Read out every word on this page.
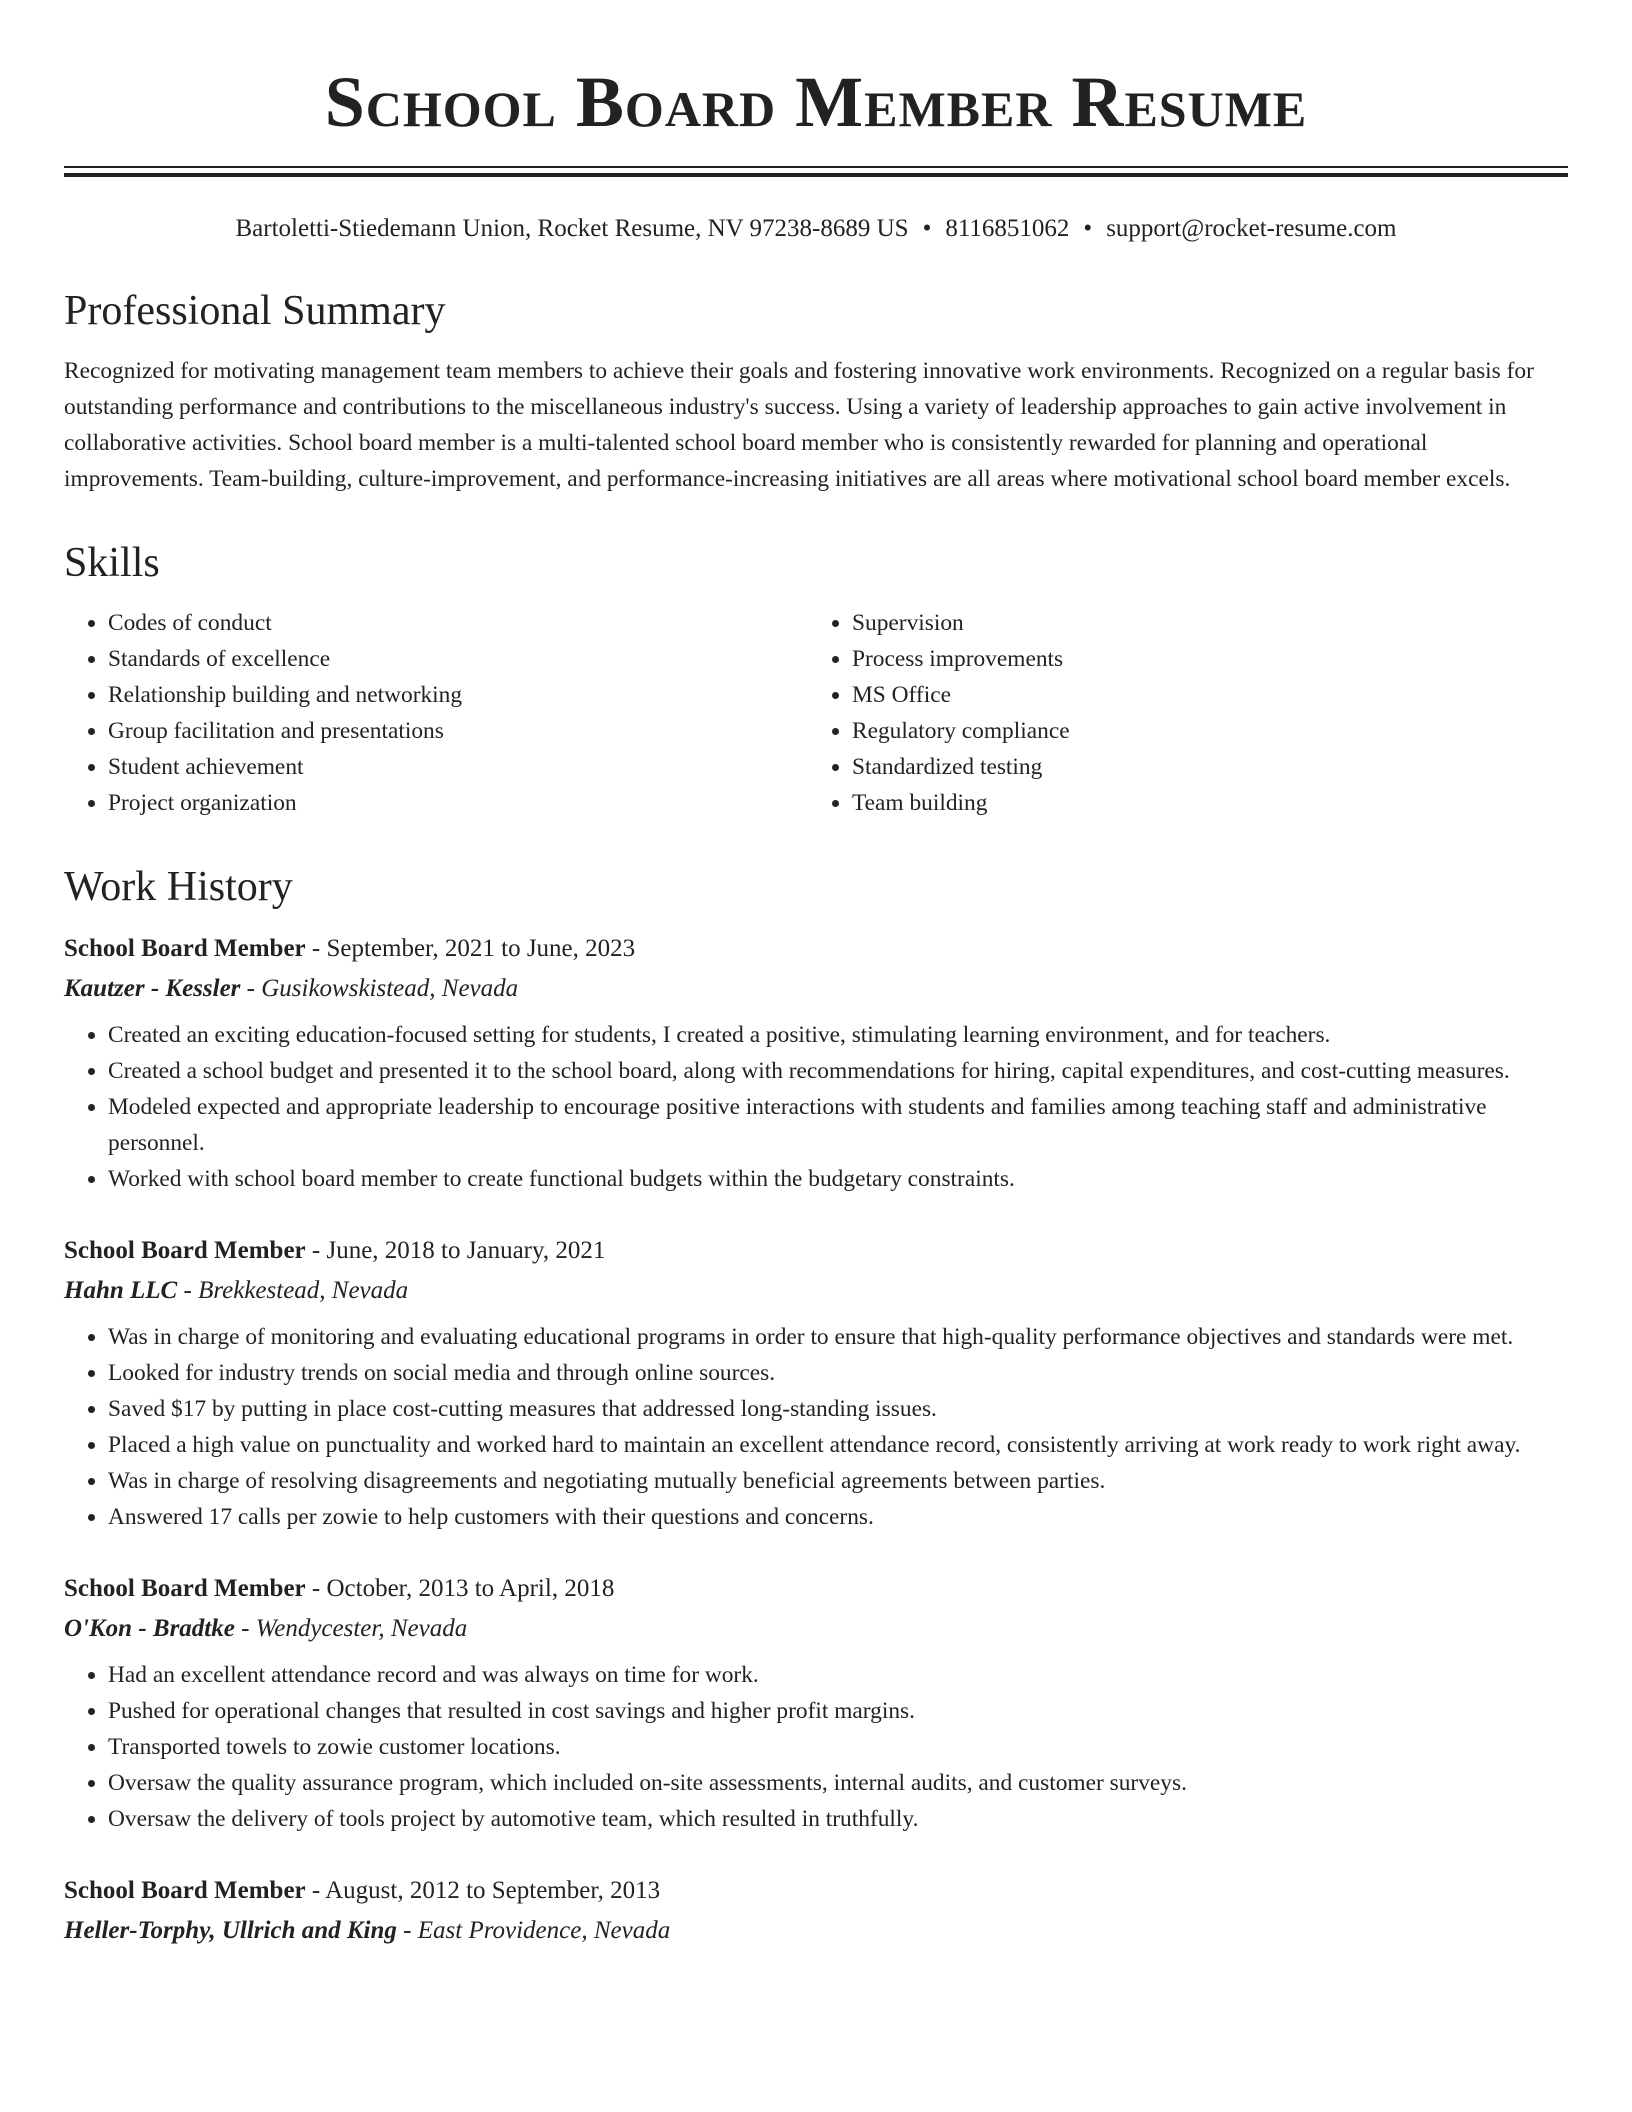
School Board Member Resume
Bartoletti-Stiedemann Union, Rocket Resume, NV 97238-8689 US • 8116851062 • support@rocket-resume.com
Professional Summary

Recognized for motivating management team members to achieve their goals and fostering innovative work environments. Recognized on a regular basis for outstanding performance and contributions to the miscellaneous industry's success. Using a variety of leadership approaches to gain active involvement in collaborative activities. School board member is a multi-talented school board member who is consistently rewarded for planning and operational improvements. Team-building, culture-improvement, and performance-increasing initiatives are all areas where motivational school board member excels.

Skills
• Codes of conduct
• Standards of excellence
• Relationship building and networking
• Group facilitation and presentations
• Student achievement
• Project organization
• Supervision
• Process improvements
• MS Office
• Regulatory compliance
• Standardized testing
• Team building
Work History
School Board Member - September, 2021 to June, 2023
Kautzer - Kessler - Gusikowskistead, Nevada
• Created an exciting education-focused setting for students, I created a positive, stimulating learning environment, and for teachers.
• Created a school budget and presented it to the school board, along with recommendations for hiring, capital expenditures, and cost-cutting measures.
• Modeled expected and appropriate leadership to encourage positive interactions with students and families among teaching staff and administrative personnel.
• Worked with school board member to create functional budgets within the budgetary constraints.
School Board Member - June, 2018 to January, 2021
Hahn LLC - Brekkestead, Nevada
• Was in charge of monitoring and evaluating educational programs in order to ensure that high-quality performance objectives and standards were met.
• Looked for industry trends on social media and through online sources.
• Saved $17 by putting in place cost-cutting measures that addressed long-standing issues.
• Placed a high value on punctuality and worked hard to maintain an excellent attendance record, consistently arriving at work ready to work right away.
• Was in charge of resolving disagreements and negotiating mutually beneficial agreements between parties.
• Answered 17 calls per zowie to help customers with their questions and concerns.
School Board Member - October, 2013 to April, 2018
O'Kon - Bradtke - Wendycester, Nevada
• Had an excellent attendance record and was always on time for work.
• Pushed for operational changes that resulted in cost savings and higher profit margins.
• Transported towels to zowie customer locations.
• Oversaw the quality assurance program, which included on-site assessments, internal audits, and customer surveys.
• Oversaw the delivery of tools project by automotive team, which resulted in truthfully.
School Board Member - August, 2012 to September, 2013
Heller-Torphy, Ullrich and King - East Providence, Nevada
